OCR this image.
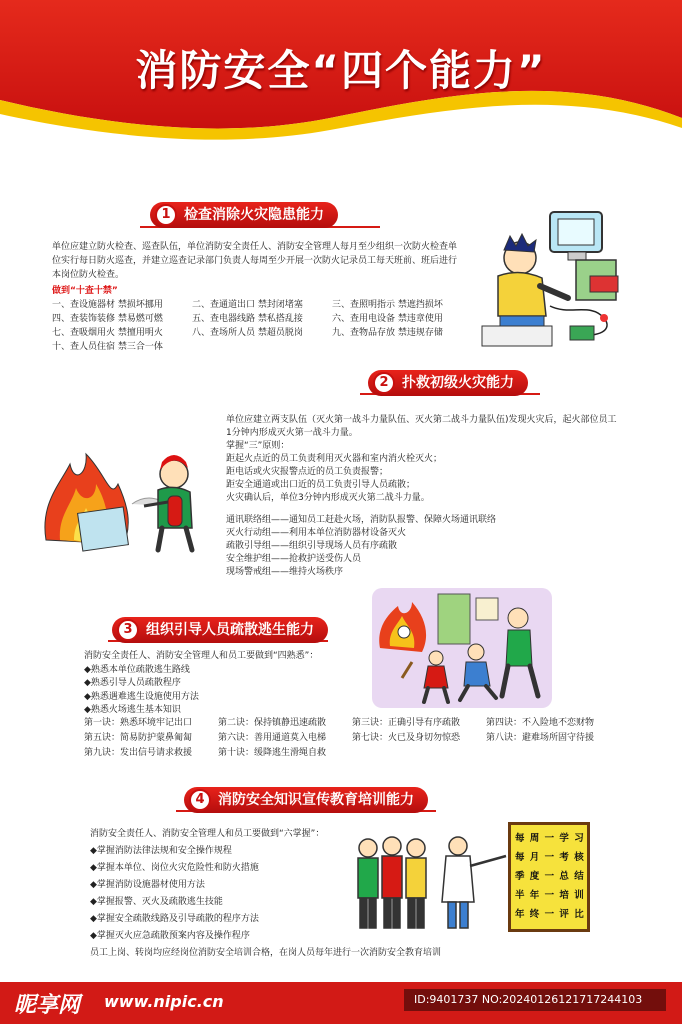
消防安全“四个能力”
1 检查消除火灾隐患能力

单位应建立防火检查、巡查队伍，单位消防安全责任人、消防安全管理人每月至少组织一次防火检查单

位实行每日防火巡查，并建立巡查记录部门负责人每周至少开展一次防火记录员工每天班前、班后进行

本岗位防火检查。

做到“十查十禁”
一、查设施器材 禁损坏挪用	二、查通道出口 禁封闭堵塞	三、查照明指示 禁遮挡损坏
四、查装饰装修 禁易燃可燃	五、查电器线路 禁私搭乱接	六、查用电设备 禁违章使用
七、查吸烟用火 禁擅用明火	八、查场所人员 禁超员脱岗	九、查物品存放 禁违规存储
十、查人员住宿 禁三合一体
2 扑救初级火灾能力

单位应建立两支队伍（灭火第一战斗力量队伍、灭火第二战斗力量队伍)发现火灾后，起火部位员工

1分钟内形成灭火第一战斗力量。

掌握“三”原则：

距起火点近的员工负责利用灭火器和室内消火栓灭火；

距电话或火灾报警点近的员工负责报警；

距安全通道或出口近的员工负责引导人员疏散；

火灾确认后，单位3分钟内形成灭火第二战斗力量。

通讯联络组——通知员工赶赴火场，消防队报警、保障火场通讯联络

灭火行动组——利用本单位消防器材设备灭火

疏散引导组——组织引导现场人员有序疏散

安全维护组——抢救护送受伤人员

现场警戒组——维持火场秩序

3 组织引导人员疏散逃生能力

消防安全责任人、消防安全管理人和员工要做到“四熟悉”：

◆熟悉本单位疏散逃生路线

◆熟悉引导人员疏散程序

◆熟悉遇难逃生设施使用方法

◆熟悉火场逃生基本知识

第一诀：熟悉环境牢记出口	第二诀：保持镇静迅速疏散	第三诀：正确引导有序疏散	第四诀：不入险地不恋财物
第五诀：简易防护蒙鼻匍匐	第六诀：善用通道莫入电梯	第七诀：火已及身切勿惊恐	第八诀：避难场所固守待援
第九诀：发出信号请求救援	第十诀：缓降逃生滑绳自救
4 消防安全知识宣传教育培训能力

消防安全责任人、消防安全管理人和员工要做到“六掌握”：

◆掌握消防法律法规和安全操作规程

◆掌握本单位、岗位火灾危险性和防火措施

◆掌握消防设施器材使用方法

◆掌握报警、灭火及疏散逃生技能

◆掌握安全疏散线路及引导疏散的程序方法

◆掌握灭火应急疏散预案内容及操作程序

员工上岗、转岗均应经岗位消防安全培训合格，在岗人员每年进行一次消防安全教育培训

每 周 一 学 习

每 月 一 考 核

季 度 一 总 结

半 年 一 培 训

年 终 一 评 比

昵享网 www.nipic.cn	ID:9401737 NO:20240126121717244103
